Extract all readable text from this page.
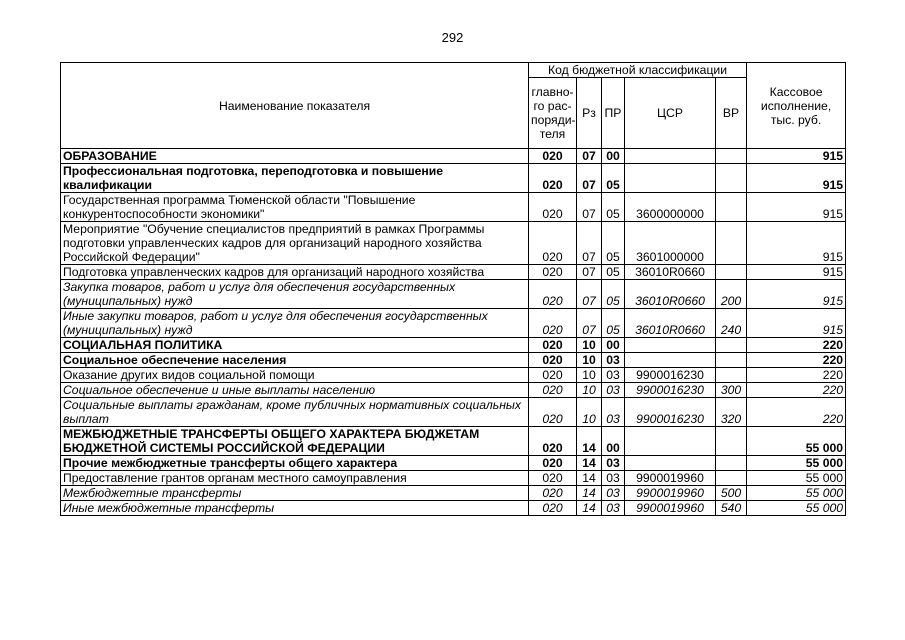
292
Наименование показателя	Код бюджетной классификации					Кассовое исполнение, тыс. руб.
	главно-го рас-поряди-теля	Рз	ПР	ЦСР	ВР	
ОБРАЗОВАНИЕ	020	07	00			915
Профессиональная подготовка, переподготовка и повышение квалификации	020	07	05			915
Государственная программа Тюменской области "Повышение конкурентоспособности экономики"	020	07	05	3600000000		915
Мероприятие "Обучение специалистов предприятий в рамках Программы подготовки управленческих кадров для организаций народного хозяйства Российской Федерации"	020	07	05	3601000000		915
Подготовка управленческих кадров для организаций народного хозяйства	020	07	05	36010R0660		915
Закупка товаров, работ и услуг для обеспечения государственных (муниципальных) нужд	020	07	05	36010R0660	200	915
Иные закупки товаров, работ и услуг для обеспечения государственных (муниципальных) нужд	020	07	05	36010R0660	240	915
СОЦИАЛЬНАЯ ПОЛИТИКА	020	10	00			220
Социальное обеспечение населения	020	10	03			220
Оказание других видов социальной помощи	020	10	03	9900016230		220
Социальное обеспечение и иные выплаты населению	020	10	03	9900016230	300	220
Социальные выплаты гражданам, кроме публичных нормативных социальных выплат	020	10	03	9900016230	320	220
МЕЖБЮДЖЕТНЫЕ ТРАНСФЕРТЫ ОБЩЕГО ХАРАКТЕРА БЮДЖЕТАМ БЮДЖЕТНОЙ СИСТЕМЫ РОССИЙСКОЙ ФЕДЕРАЦИИ	020	14	00			55 000
Прочие межбюджетные трансферты общего характера	020	14	03			55 000
Предоставление грантов органам местного самоуправления	020	14	03	9900019960		55 000
Межбюджетные трансферты	020	14	03	9900019960	500	55 000
Иные межбюджетные трансферты	020	14	03	9900019960	540	55 000
